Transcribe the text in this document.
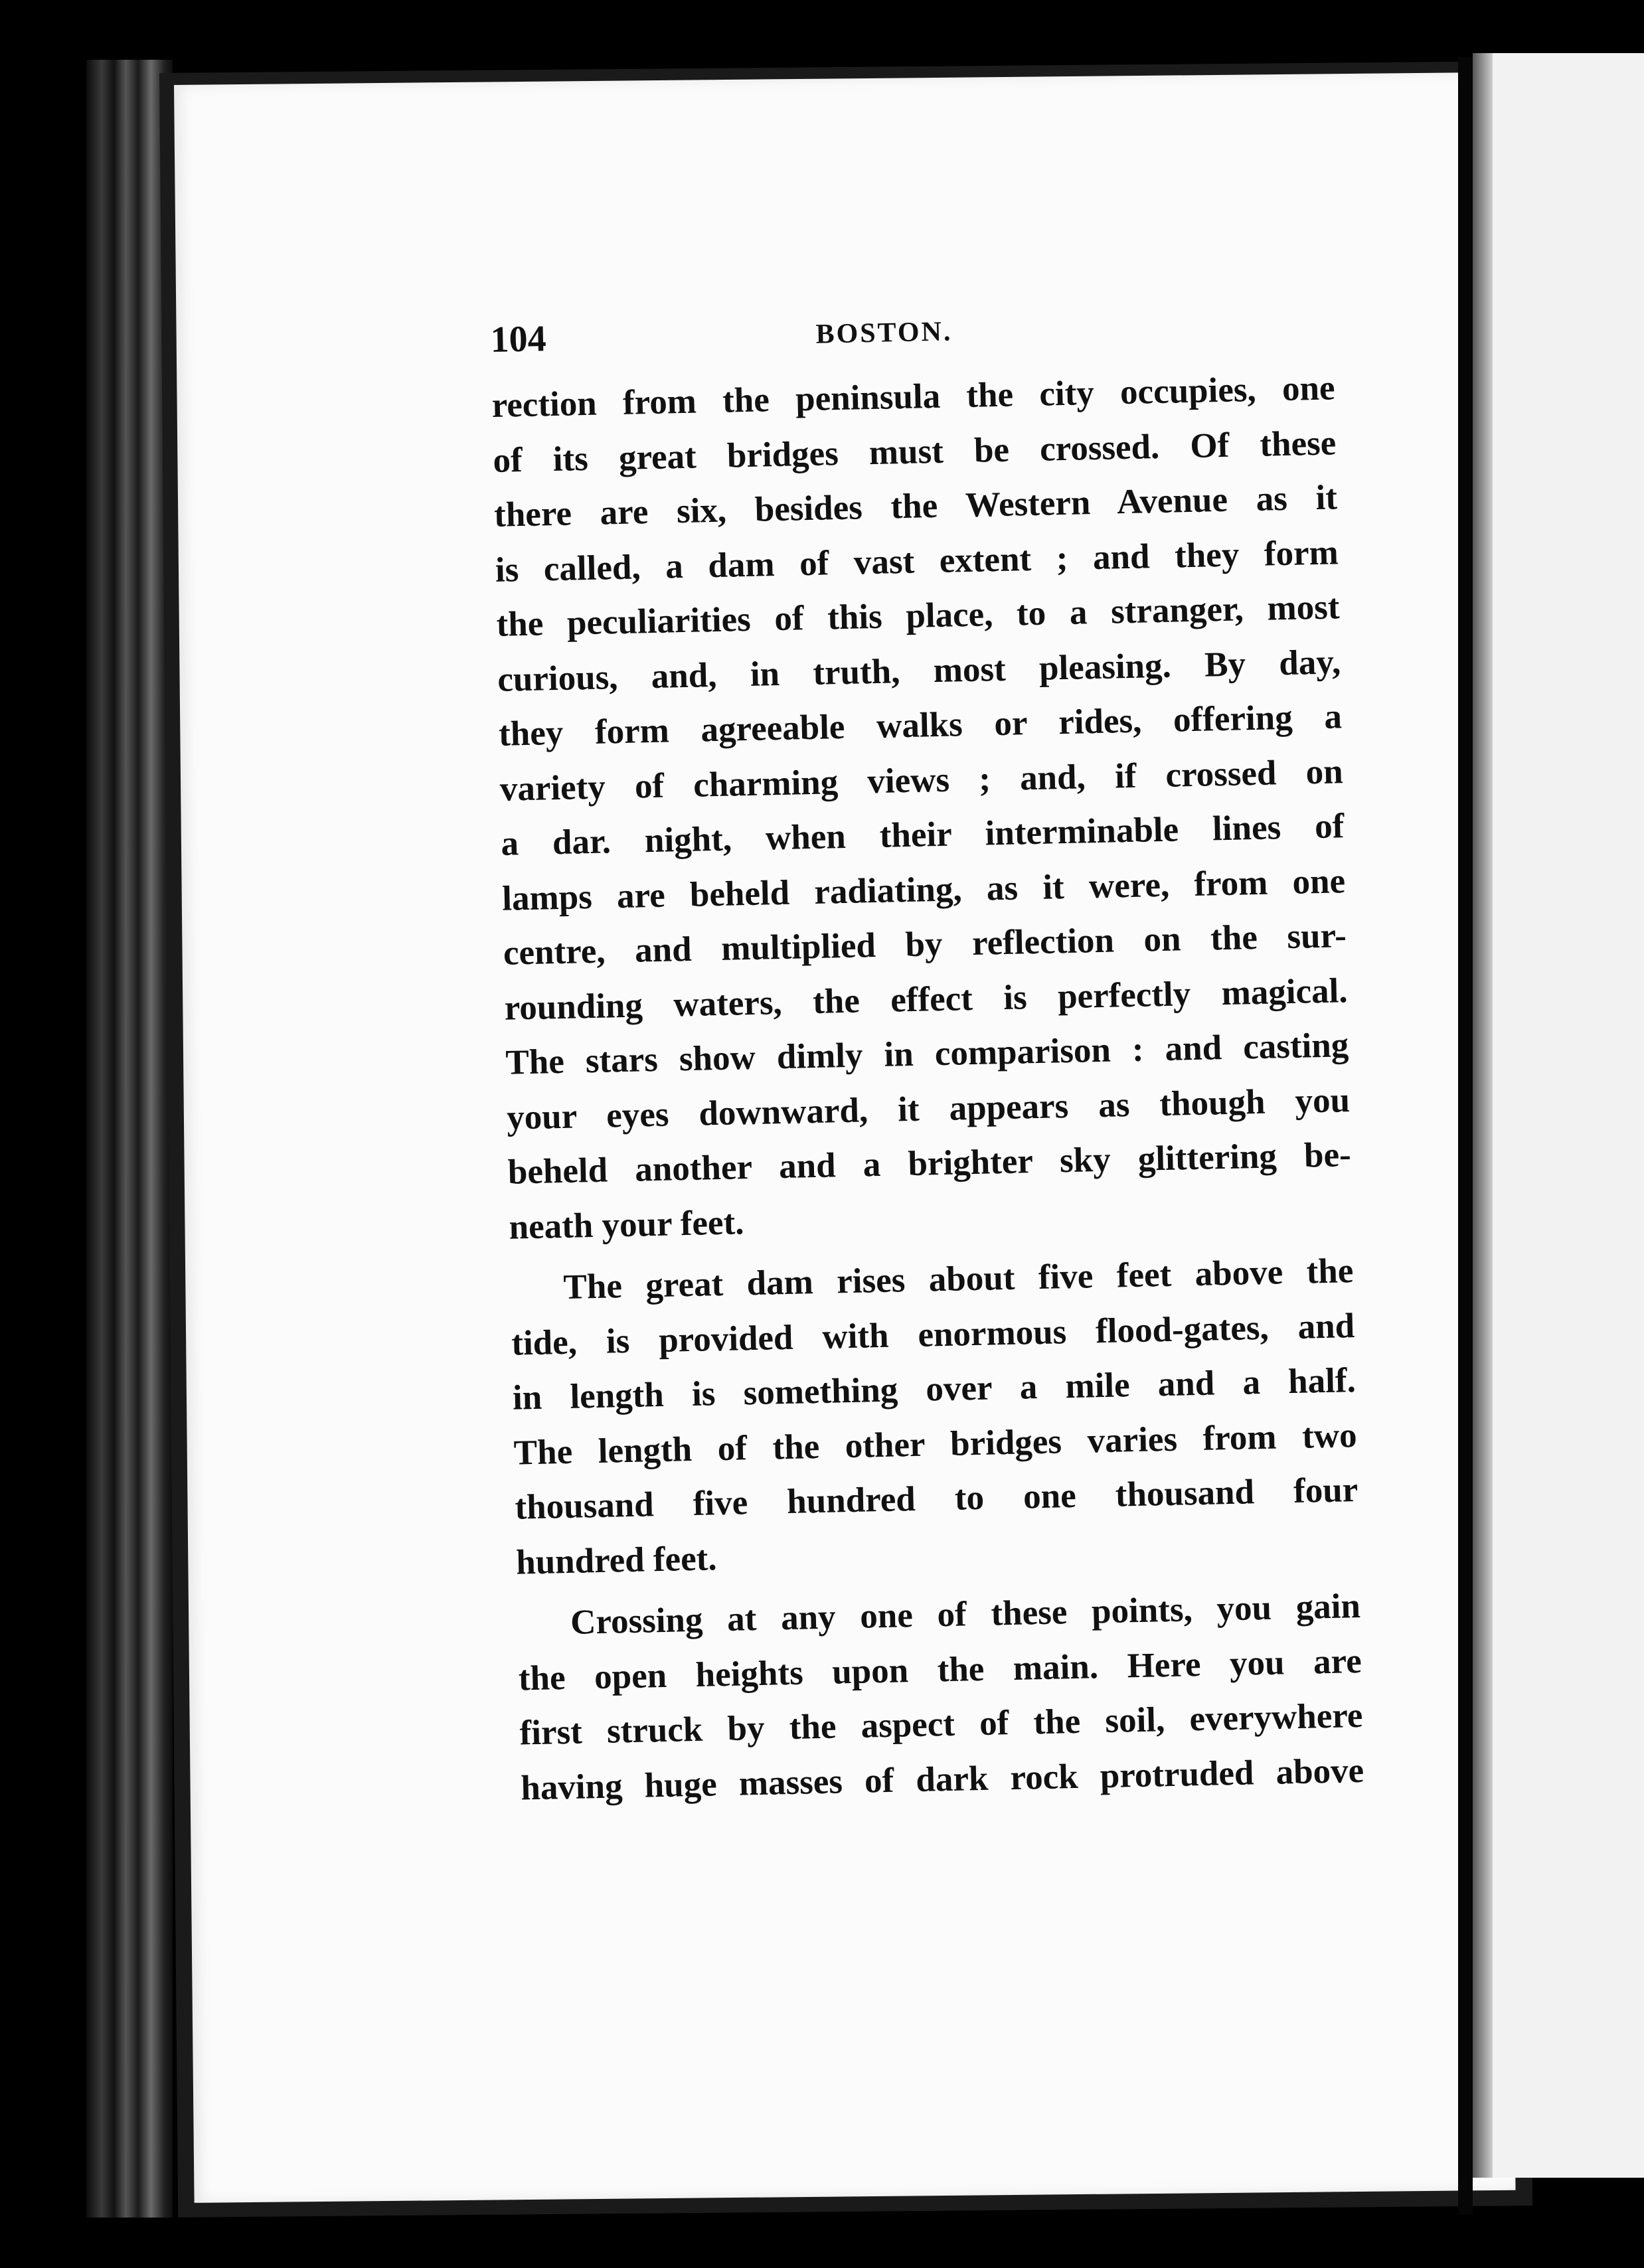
104	BOSTON.
rection from the peninsula the city occupies, one
of its great bridges must be crossed. Of these
there are six, besides the Western Avenue as it
is called, a dam of vast extent ; and they form
the peculiarities of this place, to a stranger, most
curious, and, in truth, most pleasing. By day,
they form agreeable walks or rides, offering a
variety of charming views ; and, if crossed on
a dar. night, when their interminable lines of
lamps are beheld radiating, as it were, from one
centre, and multiplied by reflection on the sur-
rounding waters, the effect is perfectly magical.
The stars show dimly in comparison : and casting
your eyes downward, it appears as though you
beheld another and a brighter sky glittering be-
neath your feet.
The great dam rises about five feet above the
tide, is provided with enormous flood-gates, and
in length is something over a mile and a half.
The length of the other bridges varies from two
thousand five hundred to one thousand four
hundred feet.
Crossing at any one of these points, you gain
the open heights upon the main. Here you are
first struck by the aspect of the soil, everywhere
having huge masses of dark rock protruded above
